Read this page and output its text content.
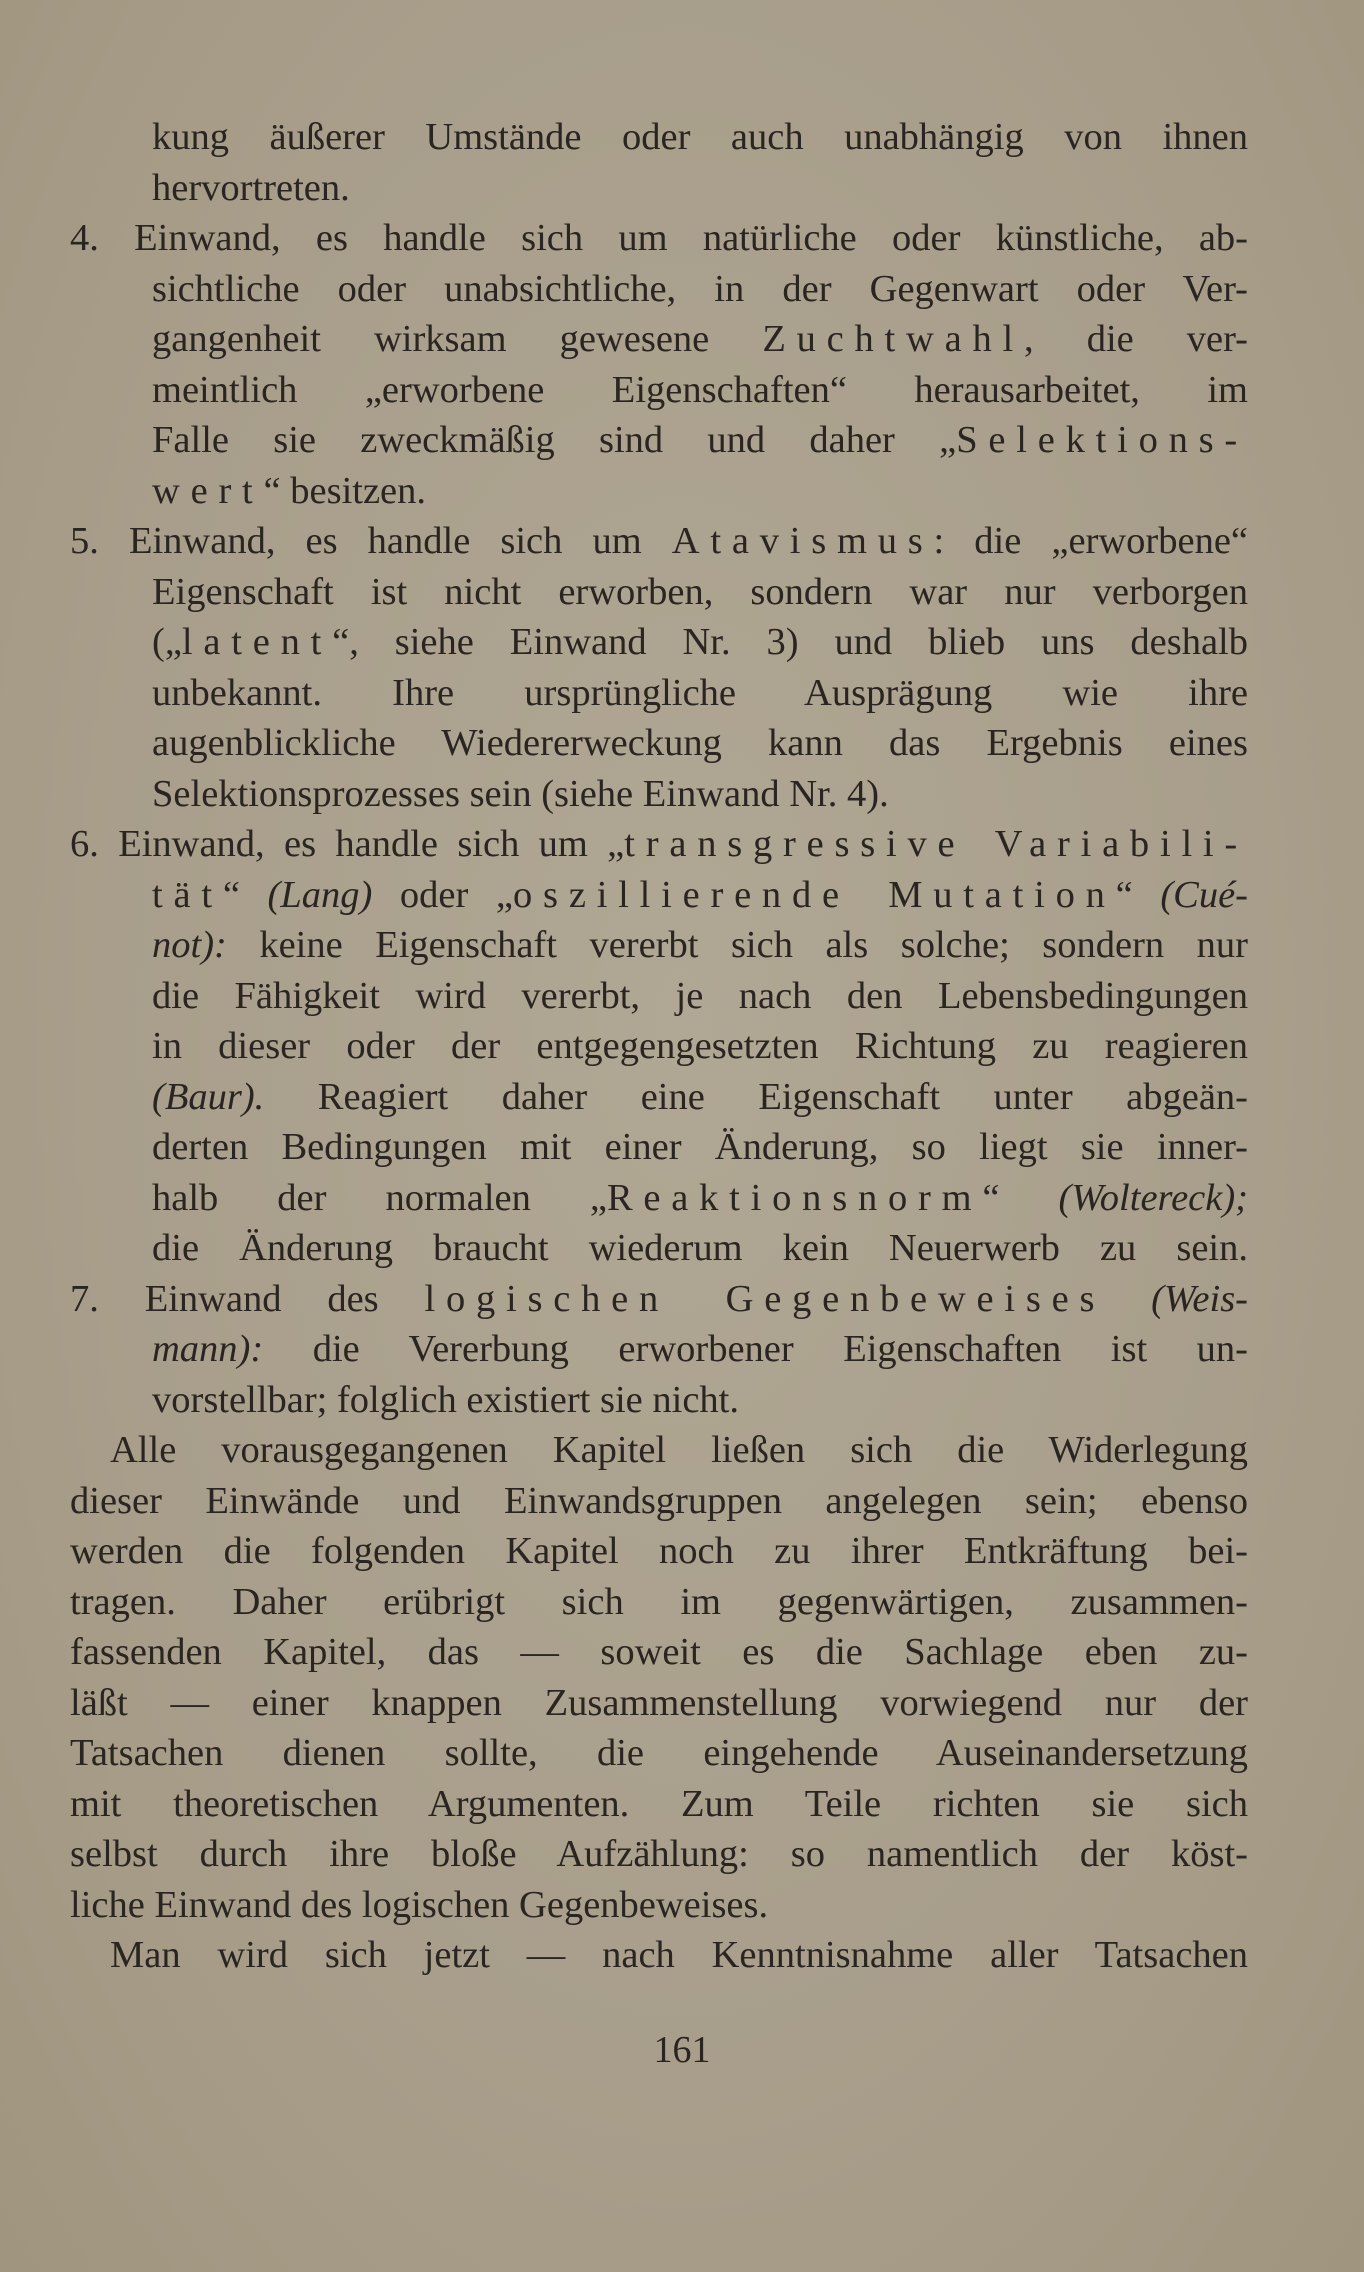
kung äußerer Umstände oder auch unabhängig von ihnen
hervortreten.
4. Einwand, es handle sich um natürliche oder künstliche, ab-
sichtliche oder unabsichtliche, in der Gegenwart oder Ver-
gangenheit wirksam gewesene Zuchtwahl, die ver-
meintlich „erworbene Eigenschaften“ herausarbeitet, im
Falle sie zweckmäßig sind und daher „Selektions-
wert“ besitzen.
5. Einwand, es handle sich um Atavismus: die „erworbene“
Eigenschaft ist nicht erworben, sondern war nur verborgen
(„latent“, siehe Einwand Nr. 3) und blieb uns deshalb
unbekannt. Ihre ursprüngliche Ausprägung wie ihre
augenblickliche Wiedererweckung kann das Ergebnis eines
Selektionsprozesses sein (siehe Einwand Nr. 4).
6. Einwand, es handle sich um „transgressive Variabili-
tät“ (Lang) oder „oszillierende Mutation“ (Cué-
not): keine Eigenschaft vererbt sich als solche; sondern nur
die Fähigkeit wird vererbt, je nach den Lebensbedingungen
in dieser oder der entgegengesetzten Richtung zu reagieren
(Baur). Reagiert daher eine Eigenschaft unter abgeän-
derten Bedingungen mit einer Änderung, so liegt sie inner-
halb der normalen „Reaktionsnorm“ (Woltereck);
die Änderung braucht wiederum kein Neuerwerb zu sein.
7. Einwand des logischen Gegenbeweises (Weis-
mann): die Vererbung erworbener Eigenschaften ist un-
vorstellbar; folglich existiert sie nicht.
Alle vorausgegangenen Kapitel ließen sich die Widerlegung
dieser Einwände und Einwandsgruppen angelegen sein; ebenso
werden die folgenden Kapitel noch zu ihrer Entkräftung bei-
tragen. Daher erübrigt sich im gegenwärtigen, zusammen-
fassenden Kapitel, das — soweit es die Sachlage eben zu-
läßt — einer knappen Zusammenstellung vorwiegend nur der
Tatsachen dienen sollte, die eingehende Auseinandersetzung
mit theoretischen Argumenten. Zum Teile richten sie sich
selbst durch ihre bloße Aufzählung: so namentlich der köst-
liche Einwand des logischen Gegenbeweises.
Man wird sich jetzt — nach Kenntnisnahme aller Tatsachen
161
